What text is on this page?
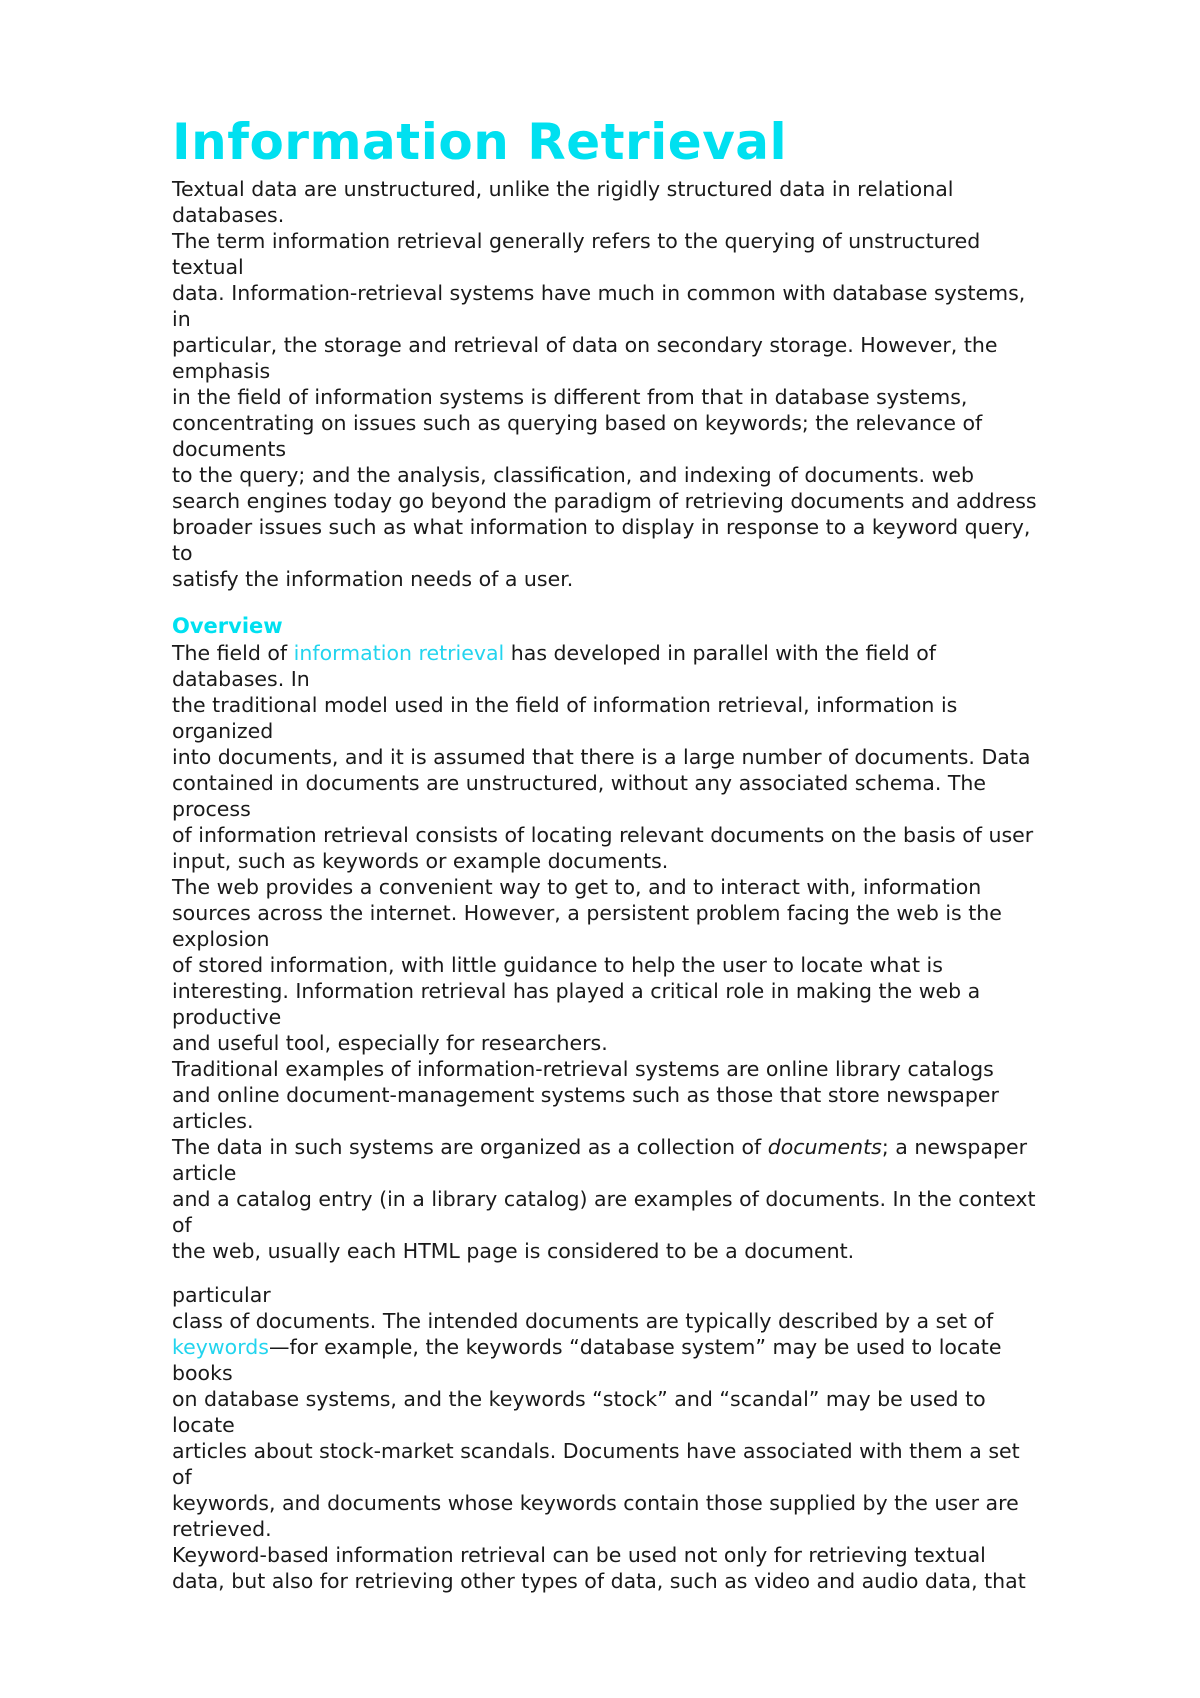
Information Retrieval
Textual data are unstructured, unlike the rigidly structured data in relational
databases.
The term information retrieval generally refers to the querying of unstructured
textual
data. Information-retrieval systems have much in common with database systems,
in
particular, the storage and retrieval of data on secondary storage. However, the
emphasis
in the field of information systems is different from that in database systems,
concentrating on issues such as querying based on keywords; the relevance of
documents
to the query; and the analysis, classification, and indexing of documents. web
search engines today go beyond the paradigm of retrieving documents and address
broader issues such as what information to display in response to a keyword query,
to
satisfy the information needs of a user.
Overview
The field of information retrieval has developed in parallel with the field of
databases. In
the traditional model used in the field of information retrieval, information is
organized
into documents, and it is assumed that there is a large number of documents. Data
contained in documents are unstructured, without any associated schema. The
process
of information retrieval consists of locating relevant documents on the basis of user
input, such as keywords or example documents.
The web provides a convenient way to get to, and to interact with, information
sources across the internet. However, a persistent problem facing the web is the
explosion
of stored information, with little guidance to help the user to locate what is
interesting. Information retrieval has played a critical role in making the web a
productive
and useful tool, especially for researchers.
Traditional examples of information-retrieval systems are online library catalogs
and online document-management systems such as those that store newspaper
articles.
The data in such systems are organized as a collection of documents; a newspaper
article
and a catalog entry (in a library catalog) are examples of documents. In the context
of
the web, usually each HTML page is considered to be a document.
particular
class of documents. The intended documents are typically described by a set of
keywords—for example, the keywords “database system” may be used to locate
books
on database systems, and the keywords “stock” and “scandal” may be used to
locate
articles about stock-market scandals. Documents have associated with them a set
of
keywords, and documents whose keywords contain those supplied by the user are
retrieved.
Keyword-based information retrieval can be used not only for retrieving textual
data, but also for retrieving other types of data, such as video and audio data, that
